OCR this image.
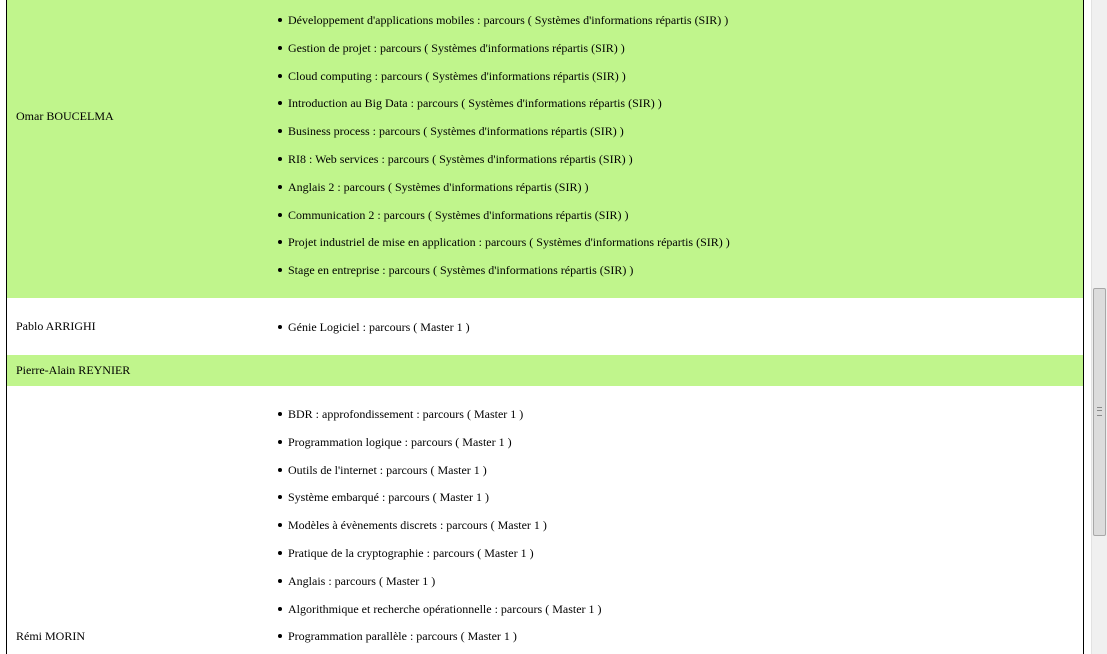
Omar BOUCELMA
Développement d'applications mobiles : parcours ( Systèmes d'informations répartis (SIR) )
Gestion de projet : parcours ( Systèmes d'informations répartis (SIR) )
Cloud computing : parcours ( Systèmes d'informations répartis (SIR) )
Introduction au Big Data : parcours ( Systèmes d'informations répartis (SIR) )
Business process : parcours ( Systèmes d'informations répartis (SIR) )
RI8 : Web services : parcours ( Systèmes d'informations répartis (SIR) )
Anglais 2 : parcours ( Systèmes d'informations répartis (SIR) )
Communication 2 : parcours ( Systèmes d'informations répartis (SIR) )
Projet industriel de mise en application : parcours ( Systèmes d'informations répartis (SIR) )
Stage en entreprise : parcours ( Systèmes d'informations répartis (SIR) )
Pablo ARRIGHI	Génie Logiciel : parcours ( Master 1 )
Pierre-Alain REYNIER
Rémi MORIN
BDR : approfondissement : parcours ( Master 1 )
Programmation logique : parcours ( Master 1 )
Outils de l'internet : parcours ( Master 1 )
Système embarqué : parcours ( Master 1 )
Modèles à évènements discrets : parcours ( Master 1 )
Pratique de la cryptographie : parcours ( Master 1 )
Anglais : parcours ( Master 1 )
Algorithmique et recherche opérationnelle : parcours ( Master 1 )
Programmation parallèle : parcours ( Master 1 )
